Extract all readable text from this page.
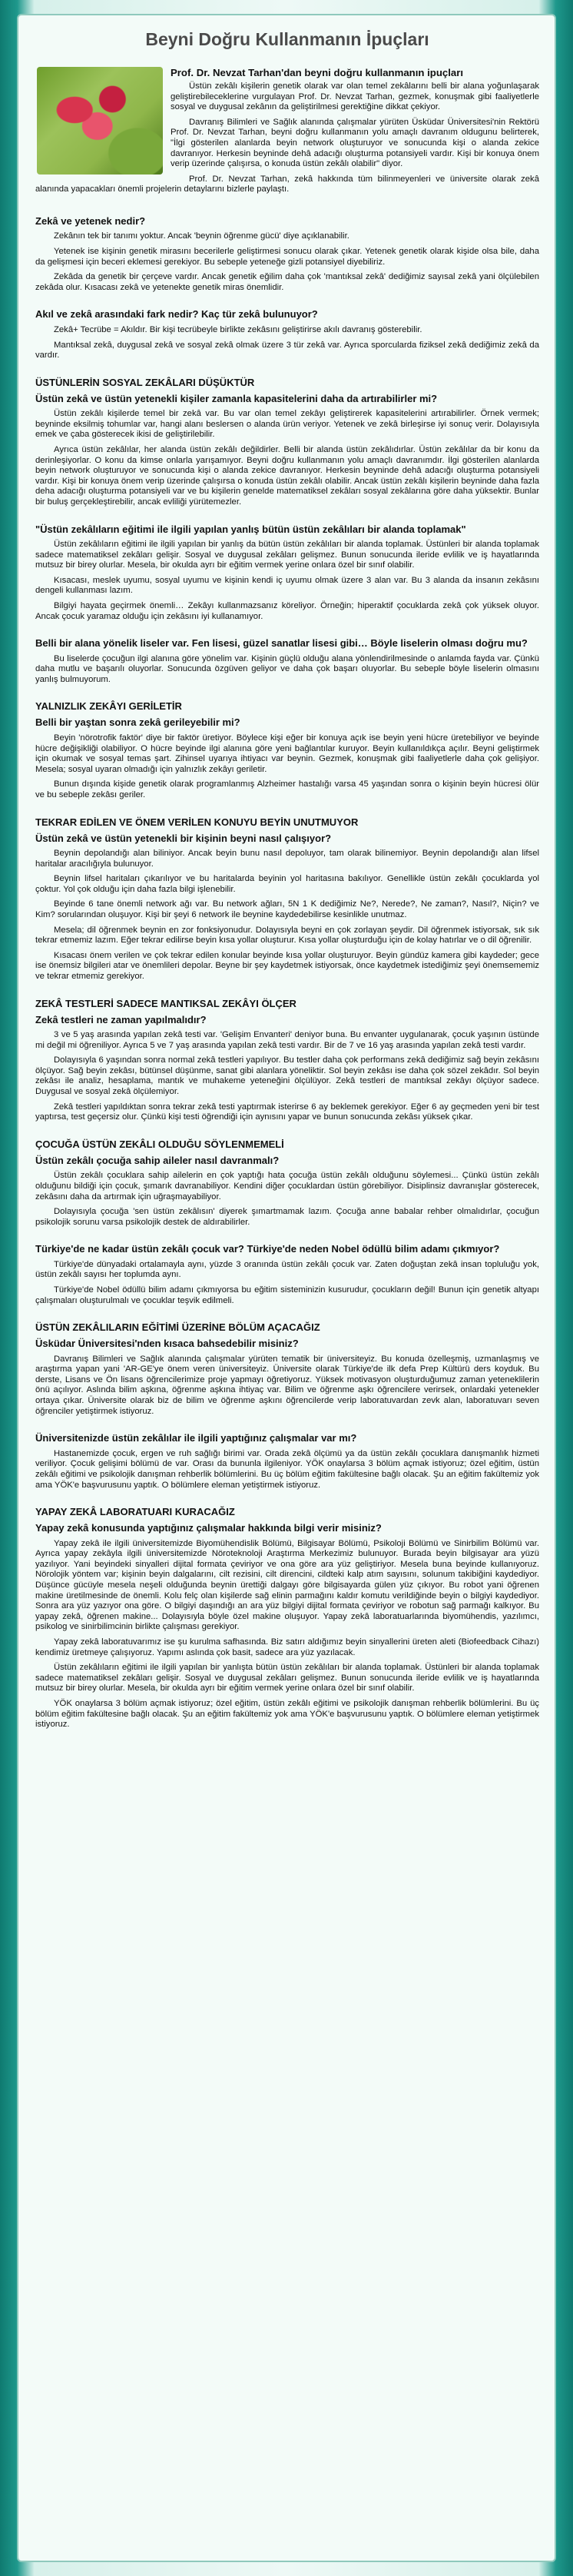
Beyni Doğru Kullanmanın İpuçları
Prof. Dr. Nevzat Tarhan'dan beyni doğru kullanmanın ipuçları

Üstün zekâlı kişilerin genetik olarak var olan temel zekâlarını belli bir alana yoğunlaşarak geliştirebileceklerine vurgulayan Prof. Dr. Nevzat Tarhan, gezmek, konuşmak gibi faaliyetlerle sosyal ve duygusal zekânın da geliştirilmesi gerektiğine dikkat çekiyor.

Davranış Bilimleri ve Sağlık alanında çalışmalar yürüten Üsküdar Üniversitesi'nin Rektörü Prof. Dr. Nevzat Tarhan, beyni doğru kullanmanın yolu amaçlı davranım oldugunu belirterek, "İlgi gösterilen alanlarda beyin network oluşturuyor ve sonucunda kişi o alanda zekice davranıyor. Herkesin beyninde dehâ adacığı oluşturma potansiyeli vardır. Kişi bir konuya önem verip üzerinde çalışırsa, o konuda üstün zekâlı olabilir" diyor.

Prof. Dr. Nevzat Tarhan, zekâ hakkında tüm bilinmeyenleri ve üniversite olarak zekâ alanında yapacakları önemli projelerin detaylarını bizlerle paylaştı.

Zekâ ve yetenek nedir?

Zekânın tek bir tanımı yoktur. Ancak 'beynin öğrenme gücü' diye açıklanabilir.

Yetenek ise kişinin genetik mirasını becerilerle geliştirmesi sonucu olarak çıkar. Yetenek genetik olarak kişide olsa bile, daha da gelişmesi için beceri eklemesi gerekiyor. Bu sebeple yeteneğe gizli potansiyel diyebiliriz.

Zekâda da genetik bir çerçeve vardır. Ancak genetik eğilim daha çok 'mantıksal zekâ' dediğimiz sayısal zekâ yani ölçülebilen zekâda olur. Kısacası zekâ ve yetenekte genetik miras önemlidir.

Akıl ve zekâ arasındaki fark nedir? Kaç tür zekâ bulunuyor?

Zekâ+ Tecrübe = Akıldır. Bir kişi tecrübeyle birlikte zekâsını geliştirirse akılı davranış gösterebilir.

Mantıksal zekâ, duygusal zekâ ve sosyal zekâ olmak üzere 3 tür zekâ var. Ayrıca sporcularda fiziksel zekâ dediğimiz zekâ da vardır.

ÜSTÜNLERİN SOSYAL ZEKÂLARI DÜŞÜKTÜR
Üstün zekâ ve üstün yetenekli kişiler zamanla kapasitelerini daha da artırabilirler mi?

Üstün zekâlı kişilerde temel bir zekâ var. Bu var olan temel zekâyı geliştirerek kapasitelerini artırabilirler. Örnek vermek; beyninde eksilmiş tohumlar var, hangi alanı beslersen o alanda ürün veriyor. Yetenek ve zekâ birleşirse iyi sonuç verir. Dolayısıyla emek ve çaba gösterecek ikisi de geliştirilebilir.

Ayrıca üstün zekâlılar, her alanda üstün zekâlı değildirler. Belli bir alanda üstün zekâlıdırlar. Üstün zekâlılar da bir konu da derinleşiyorlar. O konu da kimse onlarla yarışamıyor. Beyni doğru kullanmanın yolu amaçlı davranımdır. İlgi gösterilen alanlarda beyin network oluşturuyor ve sonucunda kişi o alanda zekice davranıyor. Herkesin beyninde dehâ adacığı oluşturma potansiyeli vardır. Kişi bir konuya önem verip üzerinde çalışırsa o konuda üstün zekâlı olabilir. Ancak üstün zekâlı kişilerin beyninde daha fazla deha adacığı oluşturma potansiyeli var ve bu kişilerin genelde matematiksel zekâları sosyal zekâlarına göre daha yüksektir. Bunlar bir buluş gerçekleştirebilir, ancak evliliği yürütemezler.

"Üstün zekâlıların eğitimi ile ilgili yapılan yanlış bütün üstün zekâlıları bir alanda toplamak"

Üstün zekâlıların eğitimi ile ilgili yapılan bir yanlış da bütün üstün zekâlıları bir alanda toplamak. Üstünleri bir alanda toplamak sadece matematiksel zekâları gelişir. Sosyal ve duygusal zekâları gelişmez. Bunun sonucunda ileride evlilik ve iş hayatlarında mutsuz bir birey olurlar. Mesela, bir okulda ayrı bir eğitim vermek yerine onlara özel bir sınıf olabilir.

Kısacası, meslek uyumu, sosyal uyumu ve kişinin kendi iç uyumu olmak üzere 3 alan var. Bu 3 alanda da insanın zekâsını dengeli kullanması lazım.

Bilgiyi hayata geçirmek önemli… Zekâyı kullanmazsanız köreliyor. Örneğin; hiperaktif çocuklarda zekâ çok yüksek oluyor. Ancak çocuk yaramaz olduğu için zekâsını iyi kullanamıyor.

Belli bir alana yönelik liseler var. Fen lisesi, güzel sanatlar lisesi gibi… Böyle liselerin olması doğru mu?

Bu liselerde çocuğun ilgi alanına göre yönelim var. Kişinin güçlü olduğu alana yönlendirilmesinde o anlamda fayda var. Çünkü daha mutlu ve başarılı oluyorlar. Sonucunda özgüven geliyor ve daha çok başarı oluyorlar. Bu sebeple böyle liselerin olmasını yanlış bulmuyorum.

YALNIZLIK ZEKÂYI GERİLETİR
Belli bir yaştan sonra zekâ gerileyebilir mi?

Beyin 'nörotrofik faktör' diye bir faktör üretiyor. Böylece kişi eğer bir konuya açık ise beyin yeni hücre üretebiliyor ve beyinde hücre değişikliği olabiliyor. O hücre beyinde ilgi alanına göre yeni bağlantılar kuruyor. Beyin kullanıldıkça açılır. Beyni geliştirmek için okumak ve sosyal temas şart. Zihinsel uyarıya ihtiyacı var beynin. Gezmek, konuşmak gibi faaliyetlerle daha çok gelişiyor. Mesela; sosyal uyaran olmadığı için yalnızlık zekâyı geriletir.

Bunun dışında kişide genetik olarak programlanmış Alzheimer hastalığı varsa 45 yaşından sonra o kişinin beyin hücresi ölür ve bu sebeple zekâsı geriler.

TEKRAR EDİLEN VE ÖNEM VERİLEN KONUYU BEYİN UNUTMUYOR
Üstün zekâ ve üstün yetenekli bir kişinin beyni nasıl çalışıyor?

Beynin depolandığı alan biliniyor. Ancak beyin bunu nasıl depoluyor, tam olarak bilinemiyor. Beynin depolandığı alan lifsel haritalar aracılığıyla bulunuyor.

Beynin lifsel haritaları çıkarılıyor ve bu haritalarda beyinin yol haritasına bakılıyor. Genellikle üstün zekâlı çocuklarda yol çoktur. Yol çok olduğu için daha fazla bilgi işlenebilir.

Beyinde 6 tane önemli network ağı var. Bu network ağları, 5N 1 K dediğimiz Ne?, Nerede?, Ne zaman?, Nasıl?, Niçin? ve Kim? sorularından oluşuyor. Kişi bir şeyi 6 network ile beynine kaydedebilirse kesinlikle unutmaz.

Mesela; dil öğrenmek beynin en zor fonksiyonudur. Dolayısıyla beyni en çok zorlayan şeydir. Dil öğrenmek istiyorsak, sık sık tekrar etmemiz lazım. Eğer tekrar edilirse beyin kısa yollar oluşturur. Kısa yollar oluşturduğu için de kolay hatırlar ve o dil öğrenilir.

Kısacası önem verilen ve çok tekrar edilen konular beyinde kısa yollar oluşturuyor. Beyin gündüz kamera gibi kaydeder; gece ise önemsiz bilgileri atar ve önemlileri depolar. Beyne bir şey kaydetmek istiyorsak, önce kaydetmek istediğimiz şeyi önemsememiz ve tekrar etmemiz gerekiyor.

ZEKÂ TESTLERİ SADECE MANTIKSAL ZEKÂYI ÖLÇER
Zekâ testleri ne zaman yapılmalıdır?

3 ve 5 yaş arasında yapılan zekâ testi var. 'Gelişim Envanteri' deniyor buna. Bu envanter uygulanarak, çocuk yaşının üstünde mi değil mi öğreniliyor. Ayrıca 5 ve 7 yaş arasında yapılan zekâ testi vardır. Bir de 7 ve 16 yaş arasında yapılan zekâ testi vardır.

Dolayısıyla 6 yaşından sonra normal zekâ testleri yapılıyor. Bu testler daha çok performans zekâ dediğimiz sağ beyin zekâsını ölçüyor. Sağ beyin zekâsı, bütünsel düşünme, sanat gibi alanlara yöneliktir. Sol beyin zekâsı ise daha çok sözel zekâdır. Sol beyin zekâsı ile analiz, hesaplama, mantık ve muhakeme yeteneğini ölçülüyor. Zekâ testleri de mantıksal zekâyı ölçüyor sadece. Duygusal ve sosyal zekâ ölçülemiyor.

Zekâ testleri yapıldıktan sonra tekrar zekâ testi yaptırmak isterirse 6 ay beklemek gerekiyor. Eğer 6 ay geçmeden yeni bir test yaptırsa, test geçersiz olur. Çünkü kişi testi öğrendiği için aynısını yapar ve bunun sonucunda zekâsı yüksek çıkar.

ÇOCUĞA ÜSTÜN ZEKÂLI OLDUĞU SÖYLENMEMELİ
Üstün zekâlı çocuğa sahip aileler nasıl davranmalı?

Üstün zekâlı çocuklara sahip ailelerin en çok yaptığı hata çocuğa üstün zekâlı olduğunu söylemesi... Çünkü üstün zekâlı olduğunu bildiği için çocuk, şımarık davranabiliyor. Kendini diğer çocuklardan üstün görebiliyor. Disiplinsiz davranışlar gösterecek, zekâsını daha da artırmak için uğraşmayabiliyor.

Dolayısıyla çocuğa 'sen üstün zekâlısın' diyerek şımartmamak lazım. Çocuğa anne babalar rehber olmalıdırlar, çocuğun psikolojik sorunu varsa psikolojik destek de aldırabilirler.

Türkiye'de ne kadar üstün zekâlı çocuk var? Türkiye'de neden Nobel ödüllü bilim adamı çıkmıyor?

Türkiye'de dünyadaki ortalamayla aynı, yüzde 3 oranında üstün zekâlı çocuk var. Zaten doğuştan zekâ insan topluluğu yok, üstün zekâlı sayısı her toplumda aynı.

Türkiye'de Nobel ödüllü bilim adamı çıkmıyorsa bu eğitim sisteminizin kusurudur, çocukların değil! Bunun için genetik altyapı çalışmaları oluşturulmalı ve çocuklar teşvik edilmeli.

ÜSTÜN ZEKÂLILARIN EĞİTİMİ ÜZERİNE BÖLÜM AÇACAĞIZ
Üsküdar Üniversitesi'nden kısaca bahsedebilir misiniz?

Davranış Bilimleri ve Sağlık alanında çalışmalar yürüten tematik bir üniversiteyiz. Bu konuda özelleşmiş, uzmanlaşmış ve araştırma yapan yani 'AR-GE'ye önem veren üniversiteyiz. Üniversite olarak Türkiye'de ilk defa Prep Kültürü ders koyduk. Bu derste, Lisans ve Ön lisans öğrencilerimize proje yapmayı öğretiyoruz. Yüksek motivasyon oluşturduğumuz zaman yeteneklilerin önü açılıyor. Aslında bilim aşkına, öğrenme aşkına ihtiyaç var. Bilim ve öğrenme aşkı öğrencilere verirsek, onlardaki yetenekler ortaya çıkar. Üniversite olarak biz de bilim ve öğrenme aşkını öğrencilerde verip laboratuvardan zevk alan, laboratuvarı seven öğrenciler yetiştirmek istiyoruz.

Üniversitenizde üstün zekâlılar ile ilgili yaptığınız çalışmalar var mı?

Hastanemizde çocuk, ergen ve ruh sağlığı birimi var. Orada zekâ ölçümü ya da üstün zekâlı çocuklara danışmanlık hizmeti veriliyor. Çocuk gelişimi bölümü de var. Orası da bununla ilgileniyor. YÖK onaylarsa 3 bölüm açmak istiyoruz; özel eğitim, üstün zekâlı eğitimi ve psikolojik danışman rehberlik bölümlerini. Bu üç bölüm eğitim fakültesine bağlı olacak. Şu an eğitim fakültemiz yok ama YÖK'e başvurusunu yaptık. O bölümlere eleman yetiştirmek istiyoruz.

YAPAY ZEKÂ LABORATUARI KURACAĞIZ
Yapay zekâ konusunda yaptığınız çalışmalar hakkında bilgi verir misiniz?

Yapay zekâ ile ilgili üniversitemizde Biyomühendislik Bölümü, Bilgisayar Bölümü, Psikoloji Bölümü ve Sinirbilim Bölümü var. Ayrıca yapay zekâyla ilgili üniversitemizde Nöroteknoloji Araştırma Merkezimiz bulunuyor. Burada beyin bilgisayar ara yüzü yazılıyor. Yani beyindeki sinyalleri dijital formata çeviriyor ve ona göre ara yüz geliştiriyor. Mesela buna beyinde kullanıyoruz. Nörolojik yöntem var; kişinin beyin dalgalarını, cilt rezisini, cilt direncini, cildteki kalp atım sayısını, solunum takibiğini kaydediyor. Düşünce gücüyle mesela neşeli olduğunda beynin ürettiği dalgayı göre bilgisayarda gülen yüz çıkıyor. Bu robot yani öğrenen makine üretilmesinde de önemli. Kolu felç olan kişilerde sağ elinin parmağını kaldır komutu verildiğinde beyin o bilgiyi kaydediyor. Sonra ara yüz yazıyor ona göre. O bilgiyi daşındığı an ara yüz bilgiyi dijital formata çeviriyor ve robotun sağ parmağı kalkıyor. Bu yapay zekâ, öğrenen makine... Dolayısıyla böyle özel makine oluşuyor. Yapay zekâ laboratuarlarında biyomühendis, yazılımcı, psikolog ve sinirbilimcinin birlikte çalışması gerekiyor.

Yapay zekâ laboratuvarımız ise şu kurulma safhasında. Biz satırı aldığımız beyin sinyallerini üreten aleti (Biofeedback Cihazı) kendimiz üretmeye çalışıyoruz. Yapımı aslında çok basit, sadece ara yüz yazılacak.

Üstün zekâlıların eğitimi ile ilgili yapılan bir yanlışta bütün üstün zekâlıları bir alanda toplamak. Üstünleri bir alanda toplamak sadece matematiksel zekâları gelişir. Sosyal ve duygusal zekâları gelişmez. Bunun sonucunda ileride evlilik ve iş hayatlarında mutsuz bir birey olurlar. Mesela, bir okulda ayrı bir eğitim vermek yerine onlara özel bir sınıf olabilir.

YÖK onaylarsa 3 bölüm açmak istiyoruz; özel eğitim, üstün zekâlı eğitimi ve psikolojik danışman rehberlik bölümlerini. Bu üç bölüm eğitim fakültesine bağlı olacak. Şu an eğitim fakültemiz yok ama YÖK'e başvurusunu yaptık. O bölümlere eleman yetiştirmek istiyoruz.
